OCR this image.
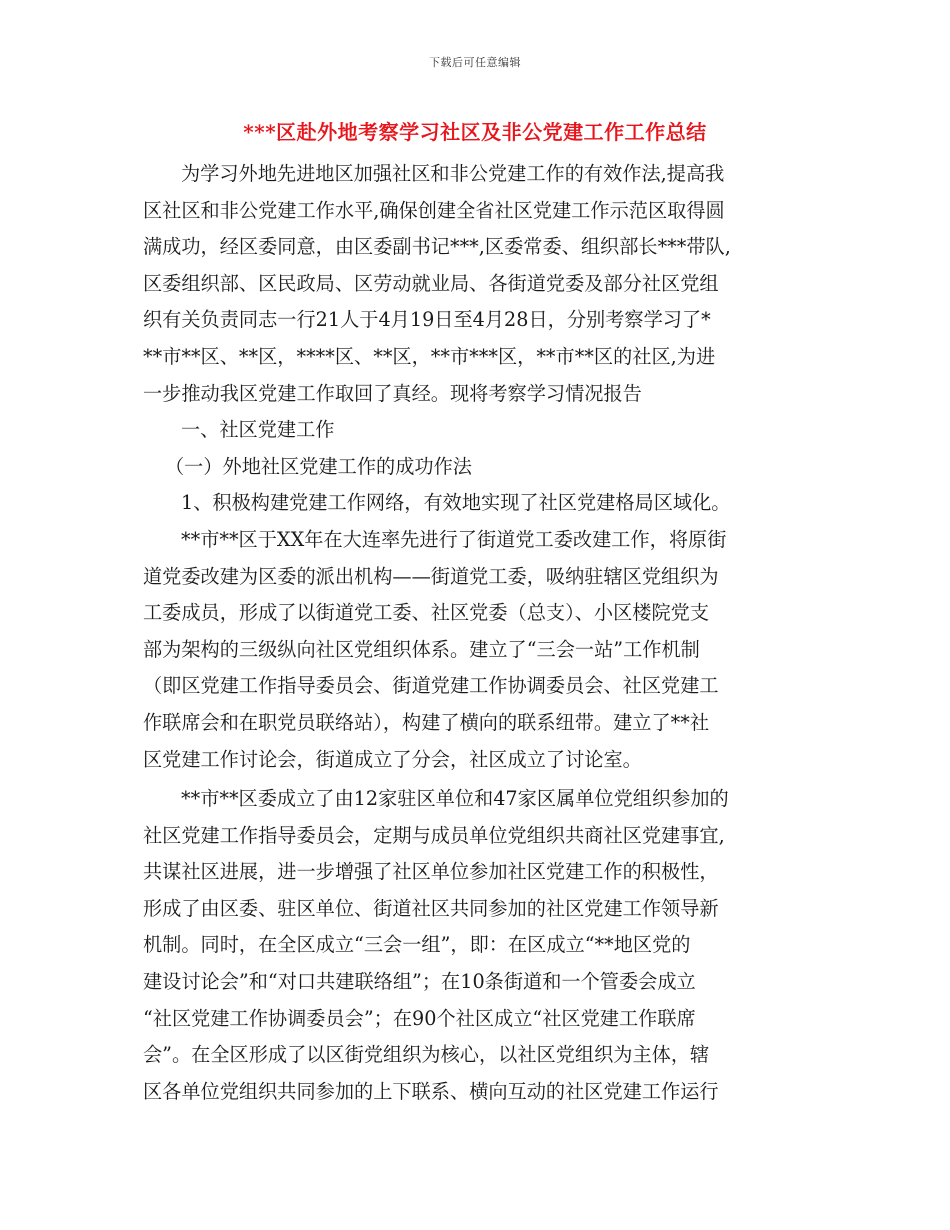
下载后可任意编辑
***区赴外地考察学习社区及非公党建工作工作总结
为学习外地先进地区加强社区和非公党建工作的有效作法,提高我
区社区和非公党建工作水平,确保创建全省社区党建工作示范区取得圆
满成功，经区委同意，由区委副书记***,区委常委、组织部长***带队,
区委组织部、区民政局、区劳动就业局、各街道党委及部分社区党组
织有关负责同志一行21人于4月19日至4月28日，分别考察学习了*
**市**区、**区，****区、**区，**市***区，**市**区的社区,为进
一步推动我区党建工作取回了真经。现将考察学习情况报告
一、社区党建工作
（一）外地社区党建工作的成功作法
1、积极构建党建工作网络，有效地实现了社区党建格局区域化。
**市**区于XX年在大连率先进行了街道党工委改建工作，将原街
道党委改建为区委的派出机构——街道党工委，吸纳驻辖区党组织为
工委成员，形成了以街道党工委、社区党委（总支）、小区楼院党支
部为架构的三级纵向社区党组织体系。建立了“三会一站”工作机制
（即区党建工作指导委员会、街道党建工作协调委员会、社区党建工
作联席会和在职党员联络站），构建了横向的联系纽带。建立了**社
区党建工作讨论会，街道成立了分会，社区成立了讨论室。
**市**区委成立了由12家驻区单位和47家区属单位党组织参加的
社区党建工作指导委员会，定期与成员单位党组织共商社区党建事宜,
共谋社区进展，进一步增强了社区单位参加社区党建工作的积极性，
形成了由区委、驻区单位、街道社区共同参加的社区党建工作领导新
机制。同时，在全区成立“三会一组”，即：在区成立“**地区党的
建设讨论会”和“对口共建联络组”；在10条街道和一个管委会成立
“社区党建工作协调委员会”；在90个社区成立“社区党建工作联席
会”。在全区形成了以区街党组织为核心，以社区党组织为主体，辖
区各单位党组织共同参加的上下联系、横向互动的社区党建工作运行
